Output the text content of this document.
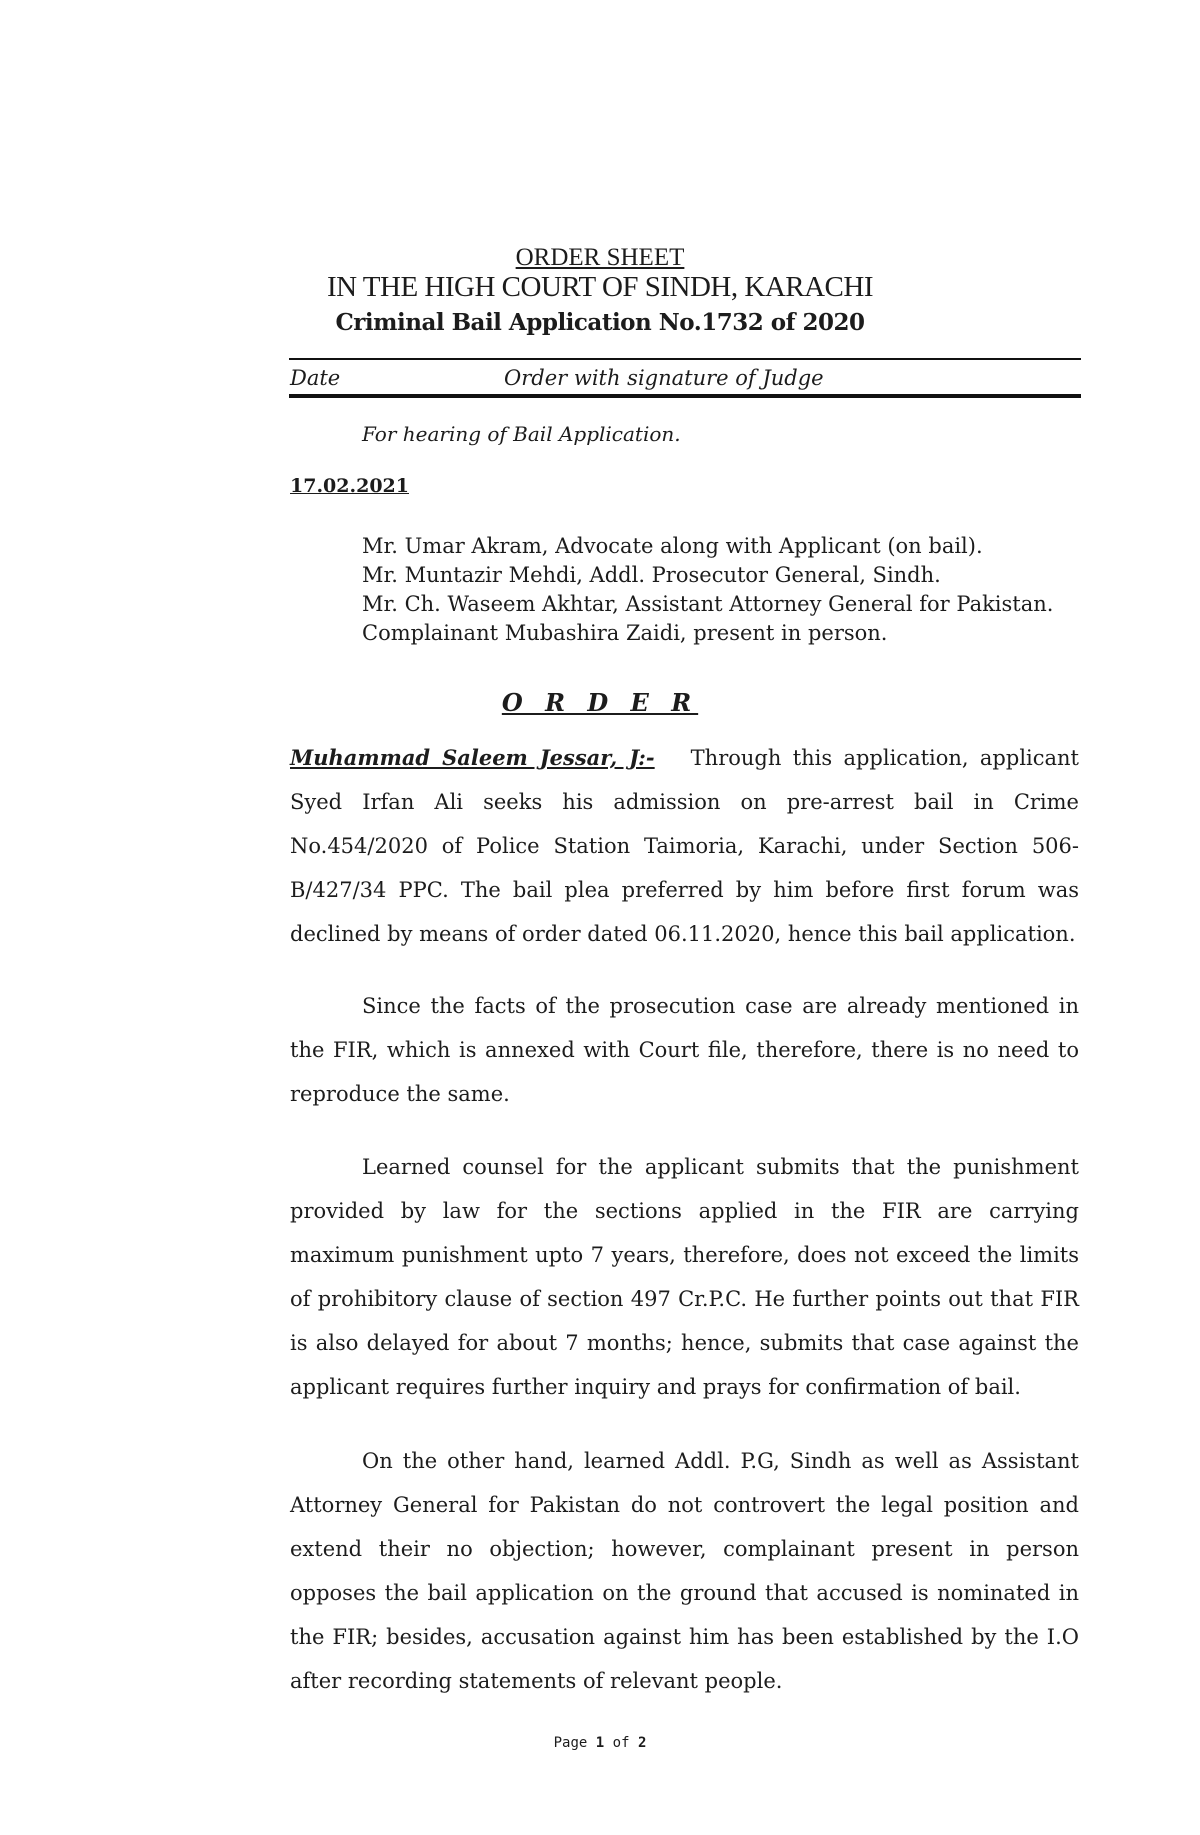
ORDER SHEET
IN THE HIGH COURT OF SINDH, KARACHI
Criminal Bail Application No.1732 of 2020
Date	Order with signature of Judge
For hearing of Bail Application.
17.02.2021
Mr. Umar Akram, Advocate along with Applicant (on bail).
Mr. Muntazir Mehdi, Addl. Prosecutor General, Sindh.
Mr. Ch. Waseem Akhtar, Assistant Attorney General for Pakistan.
Complainant Mubashira Zaidi, present in person.
O R D E R

Muhammad Saleem Jessar, J:- Through this application, applicant Syed Irfan Ali seeks his admission on pre-arrest bail in Crime No.454/2020 of Police Station Taimoria, Karachi, under Section 506-B/427/34 PPC. The bail plea preferred by him before first forum was declined by means of order dated 06.11.2020, hence this bail application.

Since the facts of the prosecution case are already mentioned in the FIR, which is annexed with Court file, therefore, there is no need to reproduce the same.

Learned counsel for the applicant submits that the punishment provided by law for the sections applied in the FIR are carrying maximum punishment upto 7 years, therefore, does not exceed the limits of prohibitory clause of section 497 Cr.P.C. He further points out that FIR is also delayed for about 7 months; hence, submits that case against the applicant requires further inquiry and prays for confirmation of bail.

On the other hand, learned Addl. P.G, Sindh as well as Assistant Attorney General for Pakistan do not controvert the legal position and extend their no objection; however, complainant present in person opposes the bail application on the ground that accused is nominated in the FIR; besides, accusation against him has been established by the I.O after recording statements of relevant people.

Page 1 of 2
